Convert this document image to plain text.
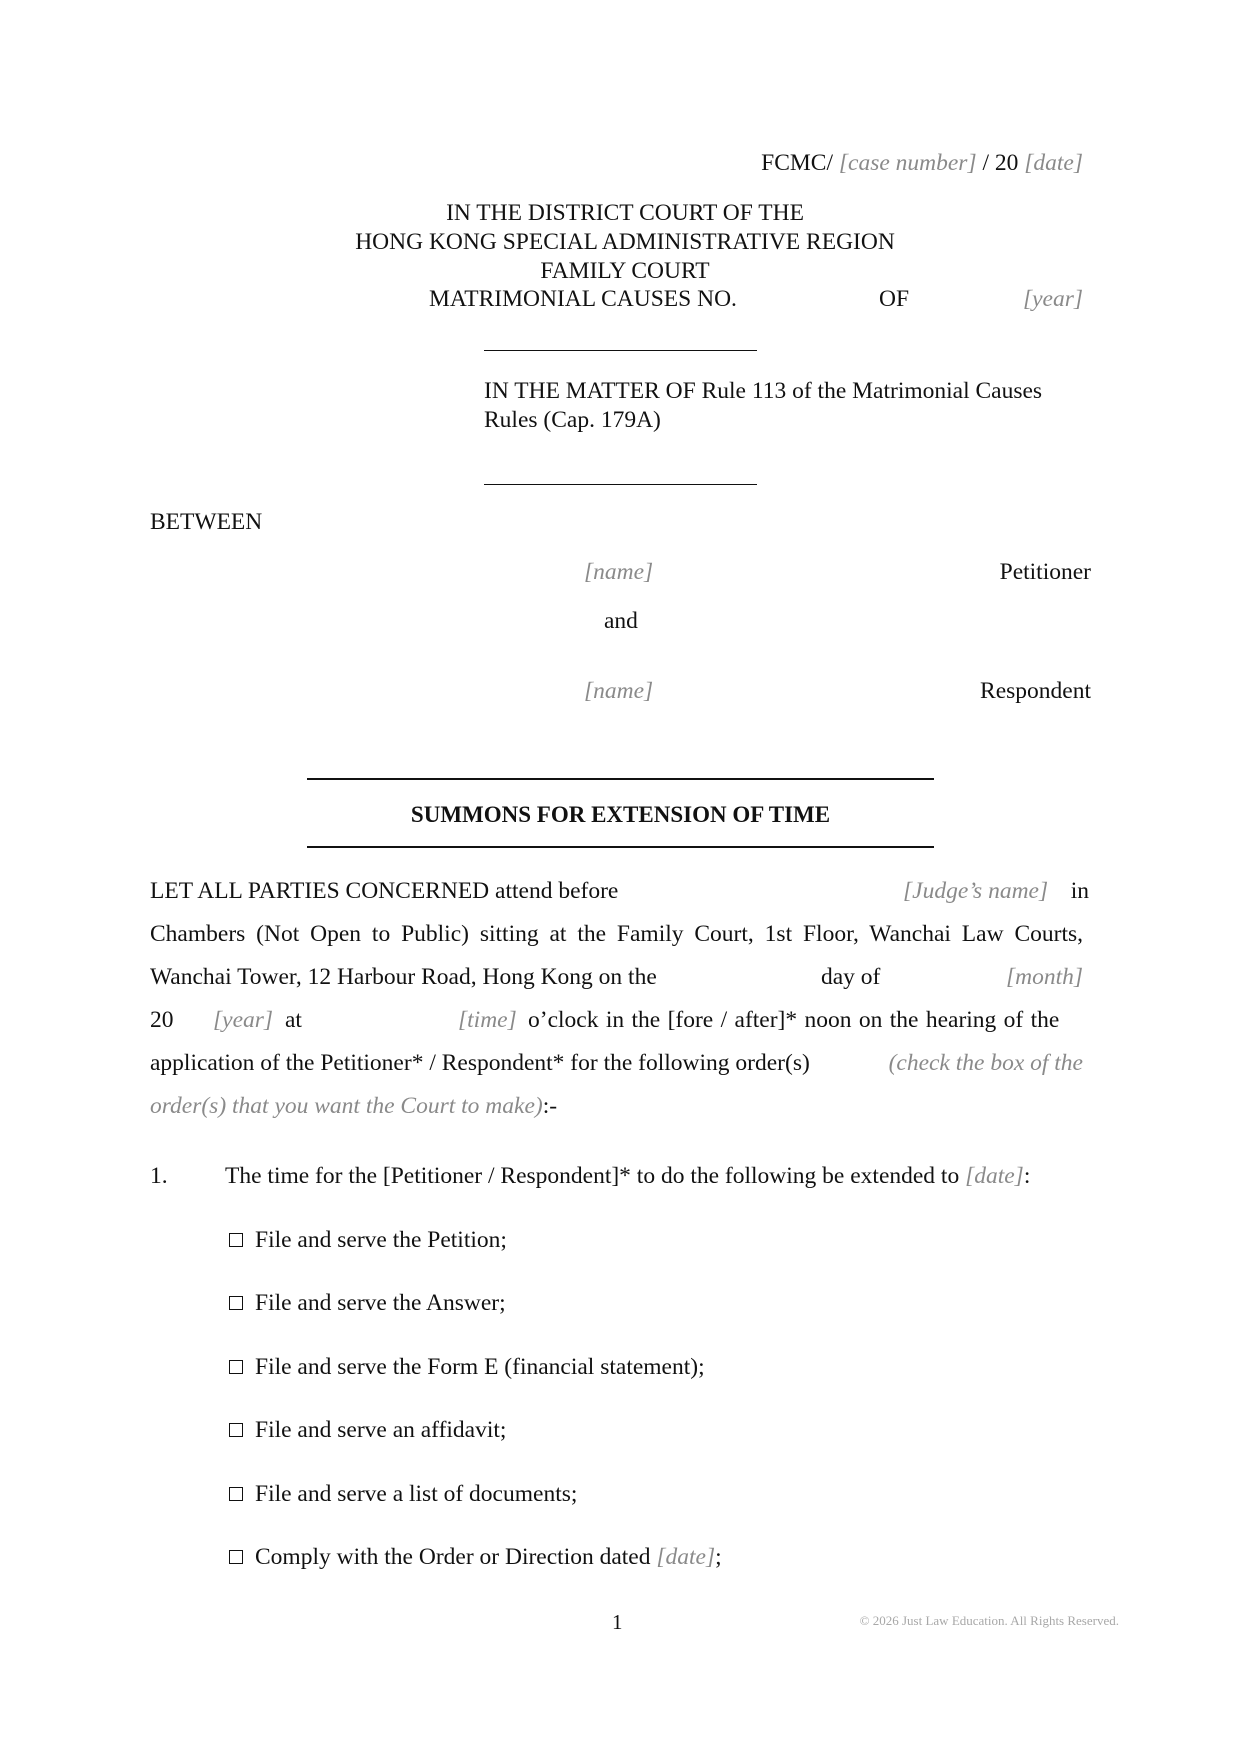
FCMC/ [case number] / 20 [date]
IN THE DISTRICT COURT OF THE
HONG KONG SPECIAL ADMINISTRATIVE REGION
FAMILY COURT
MATRIMONIAL CAUSES NO.	OF	[year]
IN THE MATTER OF Rule 113 of the Matrimonial Causes
Rules (Cap. 179A)
BETWEEN
[name]	Petitioner
and
[name]	Respondent
SUMMONS FOR EXTENSION OF TIME
LET ALL PARTIES CONCERNED attend before	[Judge’s name] in
Chambers (Not Open to Public) sitting at the Family Court, 1st Floor, Wanchai Law Courts,
Wanchai Tower, 12 Harbour Road, Hong Kong on the	day of	[month]
20 [year] at	[time] o’clock in the [fore / after]* noon on the hearing of the
application of the Petitioner* / Respondent* for the following order(s)	(check the box of the
order(s) that you want the Court to make):-
1. The time for the [Petitioner / Respondent]* to do the following be extended to [date]:
File and serve the Petition;
File and serve the Answer;
File and serve the Form E (financial statement);
File and serve an affidavit;
File and serve a list of documents;
Comply with the Order or Direction dated [date];
1	© 2026 Just Law Education. All Rights Reserved.
